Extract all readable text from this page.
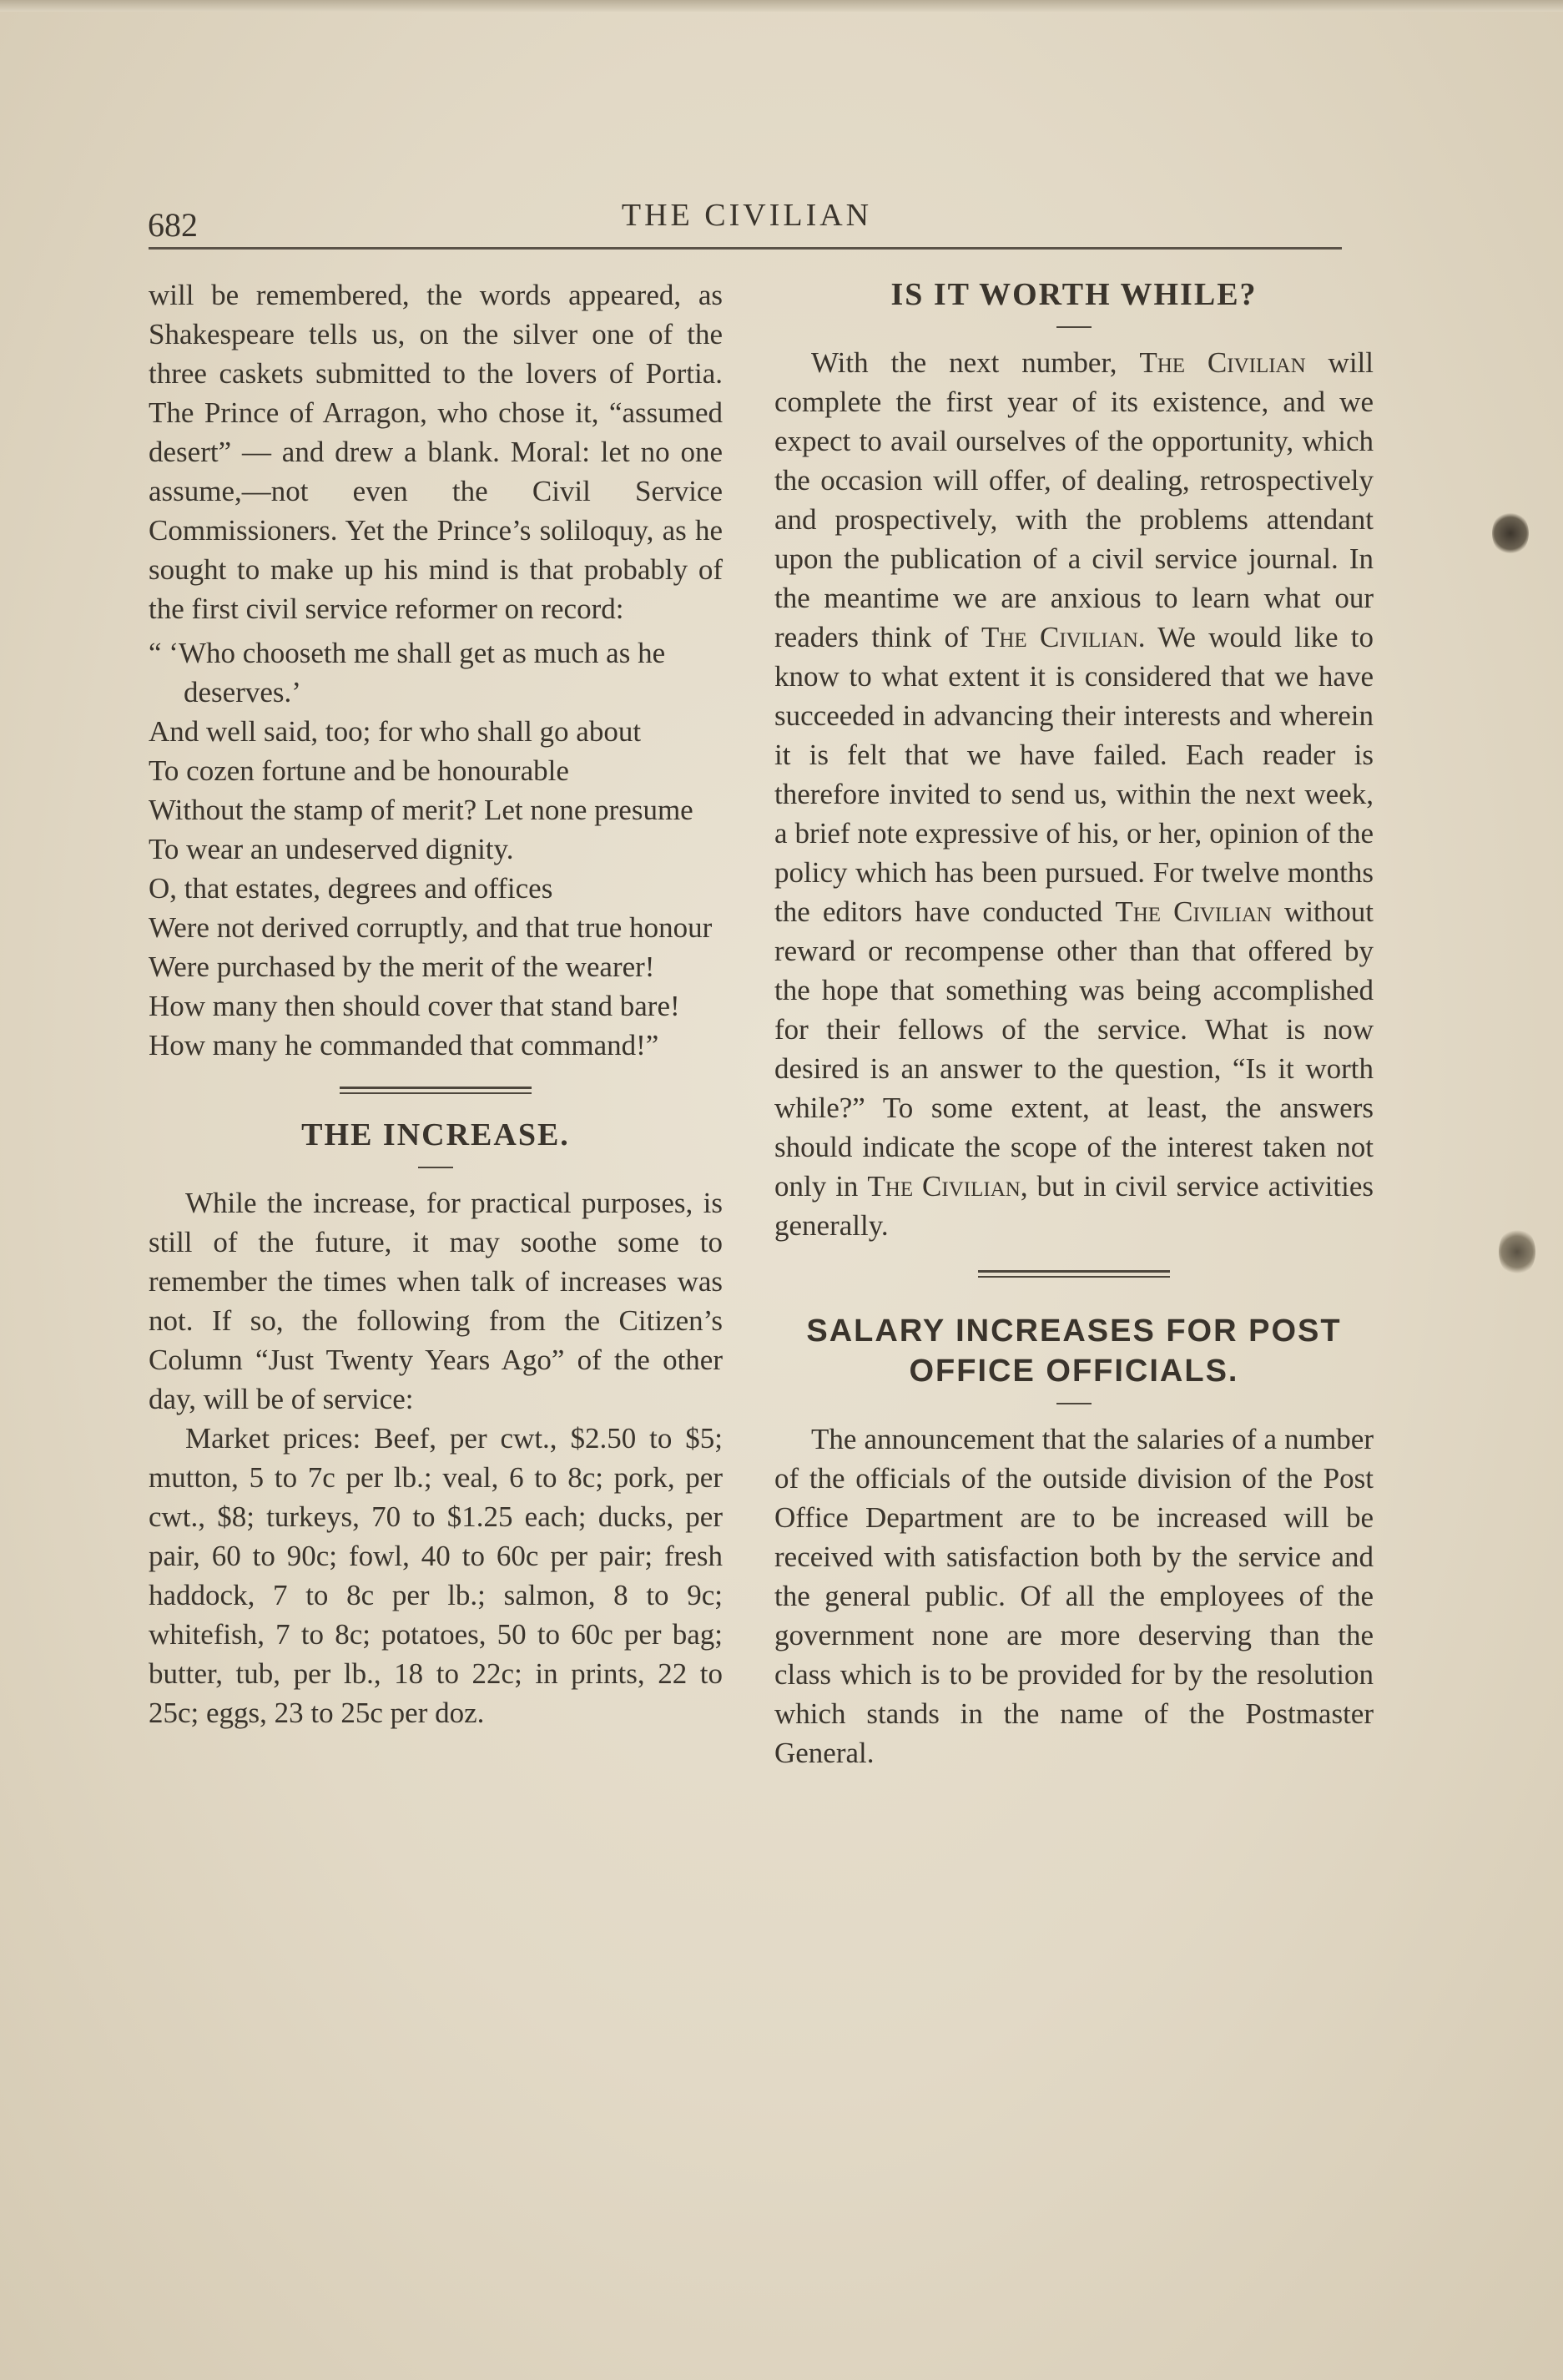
682	THE CIVILIAN

will be remembered, the words appeared, as Shakespeare tells us, on the silver one of the three caskets submitted to the lovers of Portia. The Prince of Arragon, who chose it, “assumed desert” — and drew a blank. Moral: let no one assume,—not even the Civil Service Commissioners. Yet the Prince’s soliloquy, as he sought to make up his mind is that probably of the first civil service reformer on record:

“ ‘Who chooseth me shall get as much as he deserves.’
And well said, too; for who shall go about
To cozen fortune and be honourable
Without the stamp of merit? Let none presume
To wear an undeserved dignity.
O, that estates, degrees and offices
Were not derived corruptly, and that true honour
Were purchased by the merit of the wearer!
How many then should cover that stand bare!
How many he commanded that command!”
THE INCREASE.

While the increase, for practical purposes, is still of the future, it may soothe some to remember the times when talk of increases was not. If so, the following from the Citizen’s Column “Just Twenty Years Ago” of the other day, will be of service:

Market prices: Beef, per cwt., $2.50 to $5; mutton, 5 to 7c per lb.; veal, 6 to 8c; pork, per cwt., $8; turkeys, 70 to $1.25 each; ducks, per pair, 60 to 90c; fowl, 40 to 60c per pair; fresh haddock, 7 to 8c per lb.; salmon, 8 to 9c; whitefish, 7 to 8c; potatoes, 50 to 60c per bag; butter, tub, per lb., 18 to 22c; in prints, 22 to 25c; eggs, 23 to 25c per doz.

IS IT WORTH WHILE?

With the next number, The Civilian will complete the first year of its existence, and we expect to avail ourselves of the opportunity, which the occasion will offer, of dealing, retrospectively and prospectively, with the problems attendant upon the publication of a civil service journal. In the meantime we are anxious to learn what our readers think of The Civilian. We would like to know to what extent it is considered that we have succeeded in advancing their interests and wherein it is felt that we have failed. Each reader is therefore invited to send us, within the next week, a brief note expressive of his, or her, opinion of the policy which has been pursued. For twelve months the editors have conducted The Civilian without reward or recompense other than that offered by the hope that something was being accomplished for their fellows of the service. What is now desired is an answer to the question, “Is it worth while?” To some extent, at least, the answers should indicate the scope of the interest taken not only in The Civilian, but in civil service activities generally.

SALARY INCREASES FOR POST OFFICE OFFICIALS.

The announcement that the salaries of a number of the officials of the outside division of the Post Office Department are to be increased will be received with satisfaction both by the service and the general public. Of all the employees of the government none are more deserving than the class which is to be provided for by the resolution which stands in the name of the Postmaster General.
